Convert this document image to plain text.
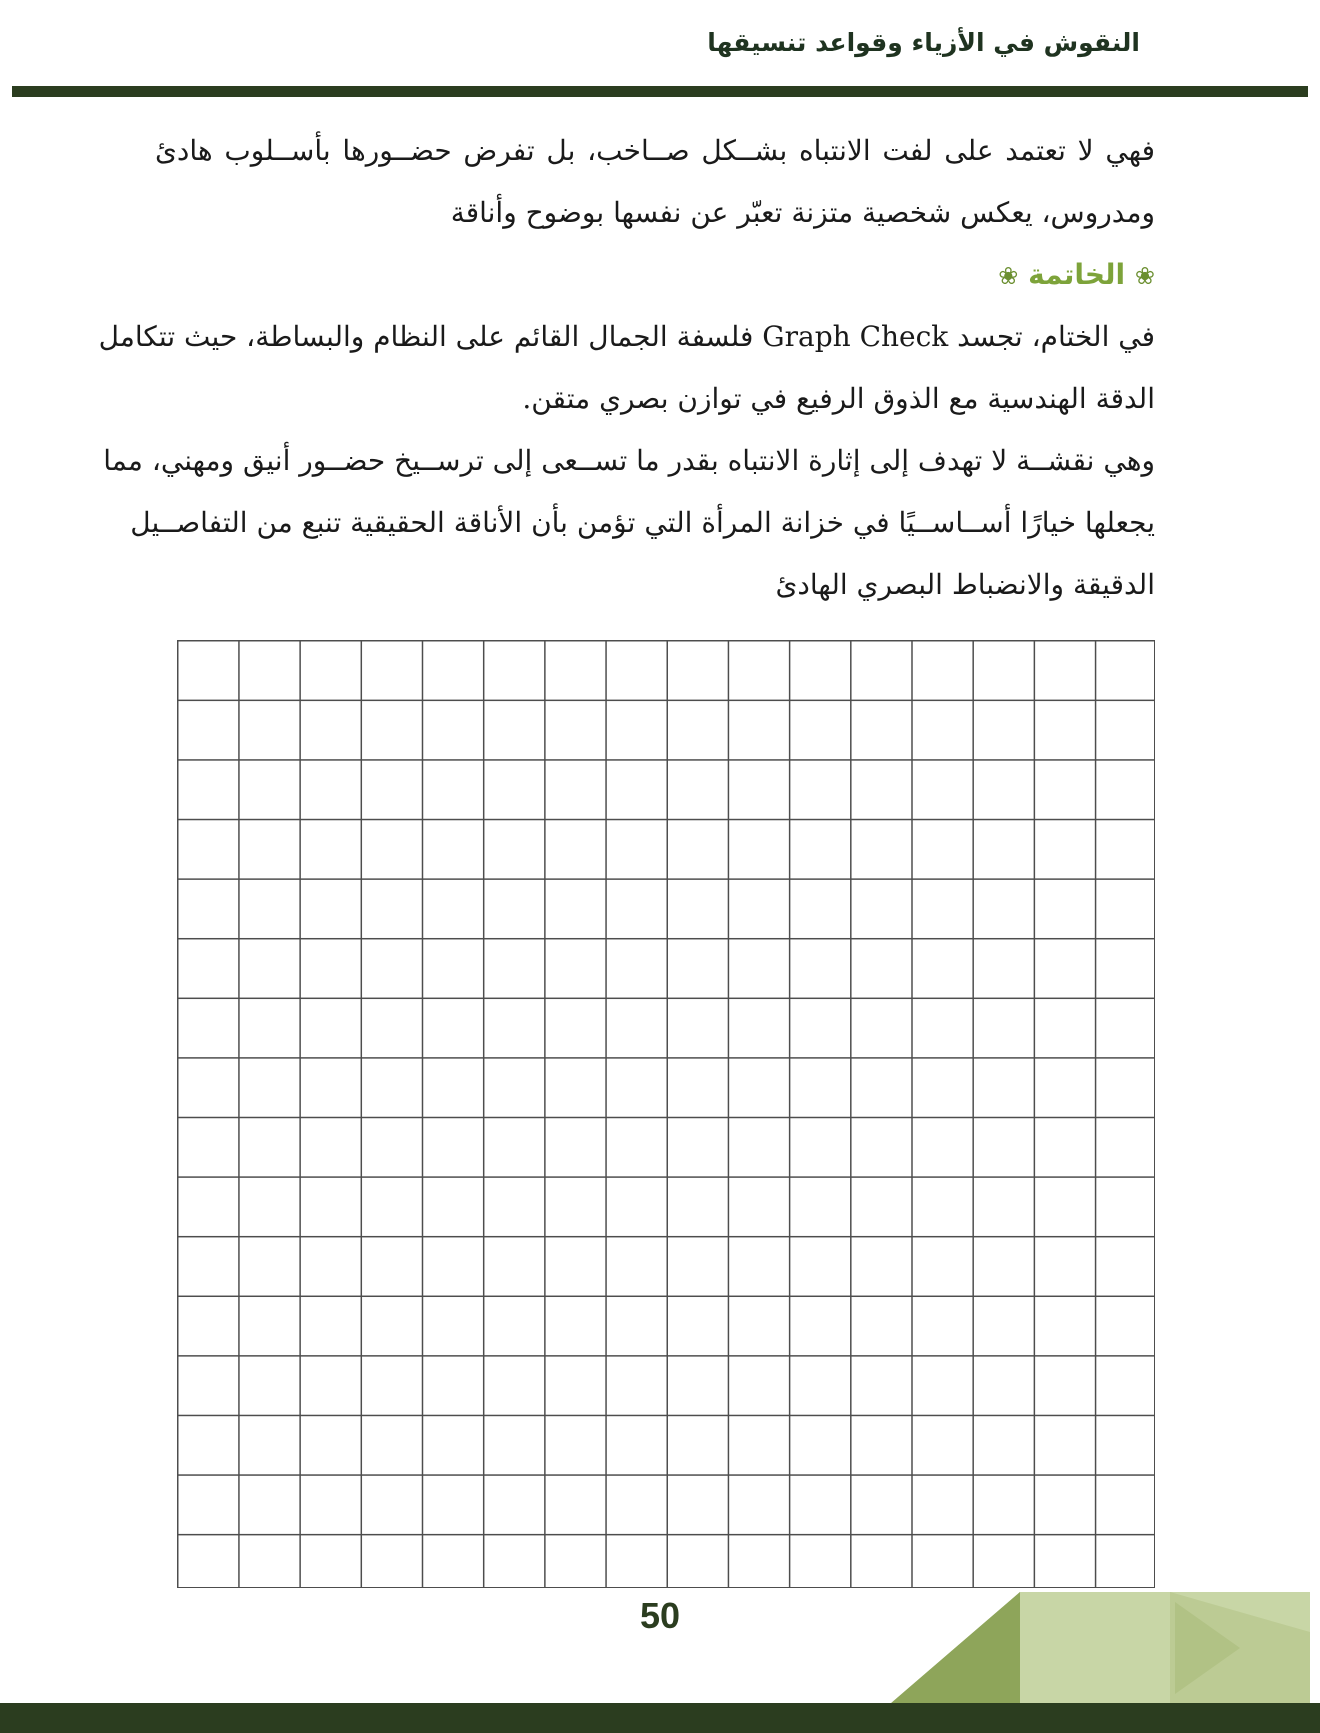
النقوش في الأزياء وقواعد تنسيقها
فهي لا تعتمد على لفت الانتباه بشــكل صــاخب، بل تفرض حضــورها بأســلوب هادئ
ومدروس، يعكس شخصية متزنة تعبّر عن نفسها بوضوح وأناقة
❀ الخاتمة ❀
في الختام، تجسد Graph Check فلسفة الجمال القائم على النظام والبساطة، حيث تتكامل
الدقة الهندسية مع الذوق الرفيع في توازن بصري متقن.
وهي نقشــة لا تهدف إلى إثارة الانتباه بقدر ما تســعى إلى ترســيخ حضــور أنيق ومهني، مما
يجعلها خيارًا أســاســيًا في خزانة المرأة التي تؤمن بأن الأناقة الحقيقية تنبع من التفاصــيل
الدقيقة والانضباط البصري الهادئ
50
